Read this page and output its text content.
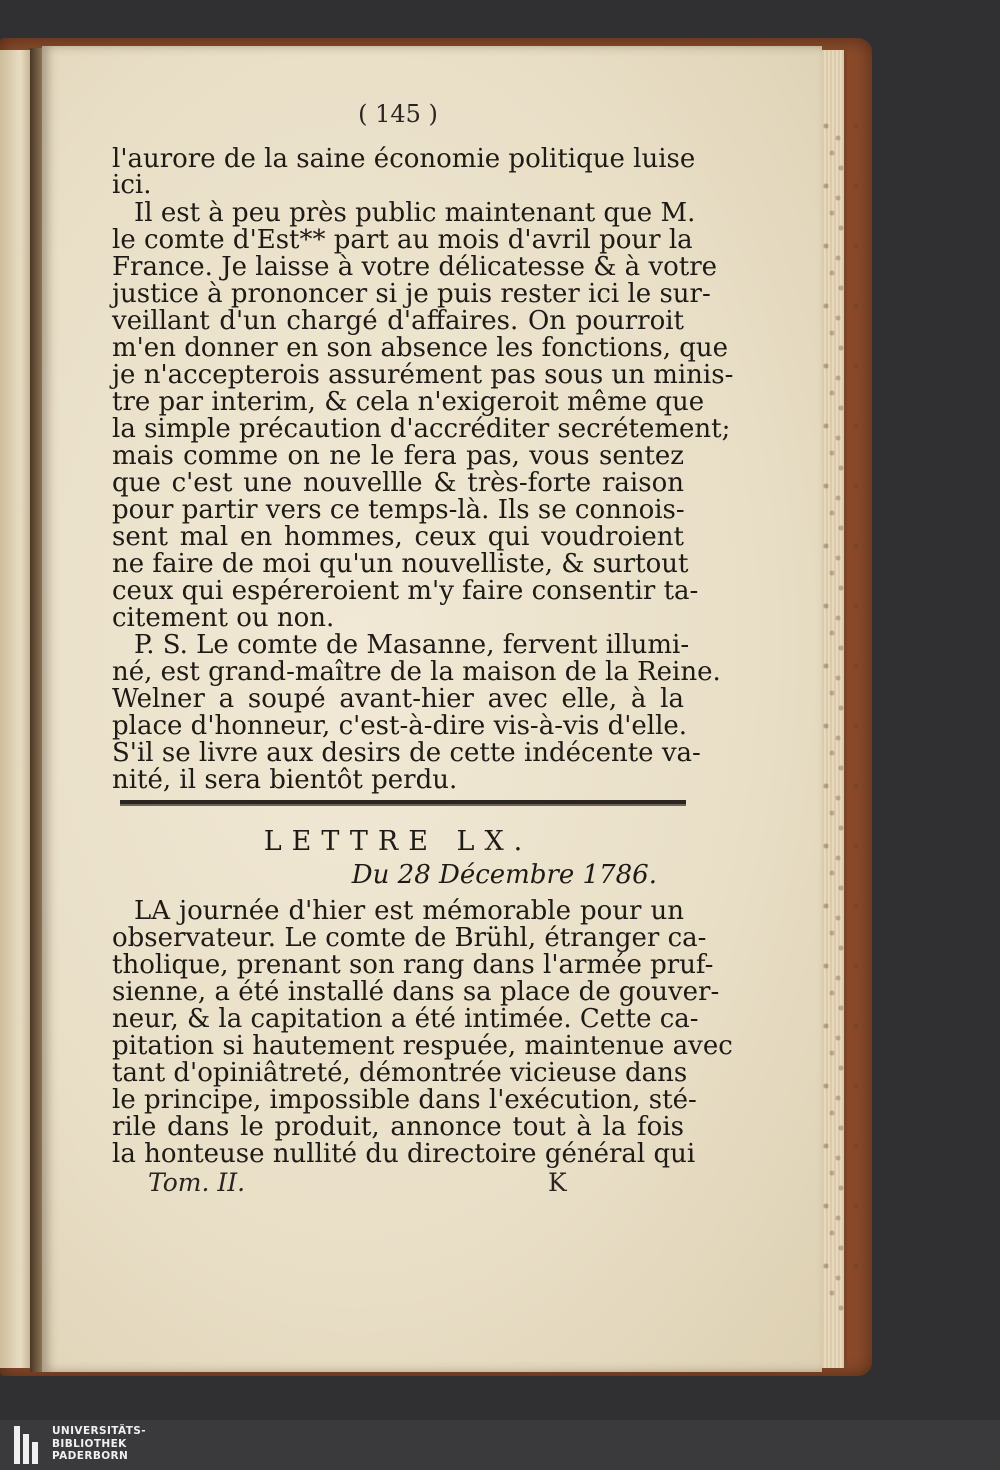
( 145 )
l'aurore de la saine économie politique luise
ici.
Il est à peu près public maintenant que M.
le comte d'Est** part au mois d'avril pour la
France. Je laisse à votre délicatesse & à votre
justice à prononcer si je puis rester ici le sur-
veillant d'un chargé d'affaires. On pourroit
m'en donner en son absence les fonctions, que
je n'accepterois assurément pas sous un minis-
tre par interim, & cela n'exigeroit même que
la simple précaution d'accréditer secrétement;
mais comme on ne le fera pas, vous sentez
que c'est une nouvellle & très-forte raison
pour partir vers ce temps-là. Ils se connois-
sent mal en hommes, ceux qui voudroient
ne faire de moi qu'un nouvelliste, & surtout
ceux qui espéreroient m'y faire consentir ta-
citement ou non.
P. S. Le comte de Masanne, fervent illumi-
né, est grand-maître de la maison de la Reine.
Welner a soupé avant-hier avec elle, à la
place d'honneur, c'est-à-dire vis-à-vis d'elle.
S'il se livre aux desirs de cette indécente va-
nité, il sera bientôt perdu.
LETTRE LX.
Du 28 Décembre 1786.
LA journée d'hier est mémorable pour un
observateur. Le comte de Brühl, étranger ca-
tholique, prenant son rang dans l'armée pruf-
sienne, a été installé dans sa place de gouver-
neur, & la capitation a été intimée. Cette ca-
pitation si hautement respuée, maintenue avec
tant d'opiniâtreté, démontrée vicieuse dans
le principe, impossible dans l'exécution, sté-
rile dans le produit, annonce tout à la fois
la honteuse nullité du directoire général qui
Tom. II.	K
UNIVERSITÄTS-
BIBLIOTHEK
PADERBORN
